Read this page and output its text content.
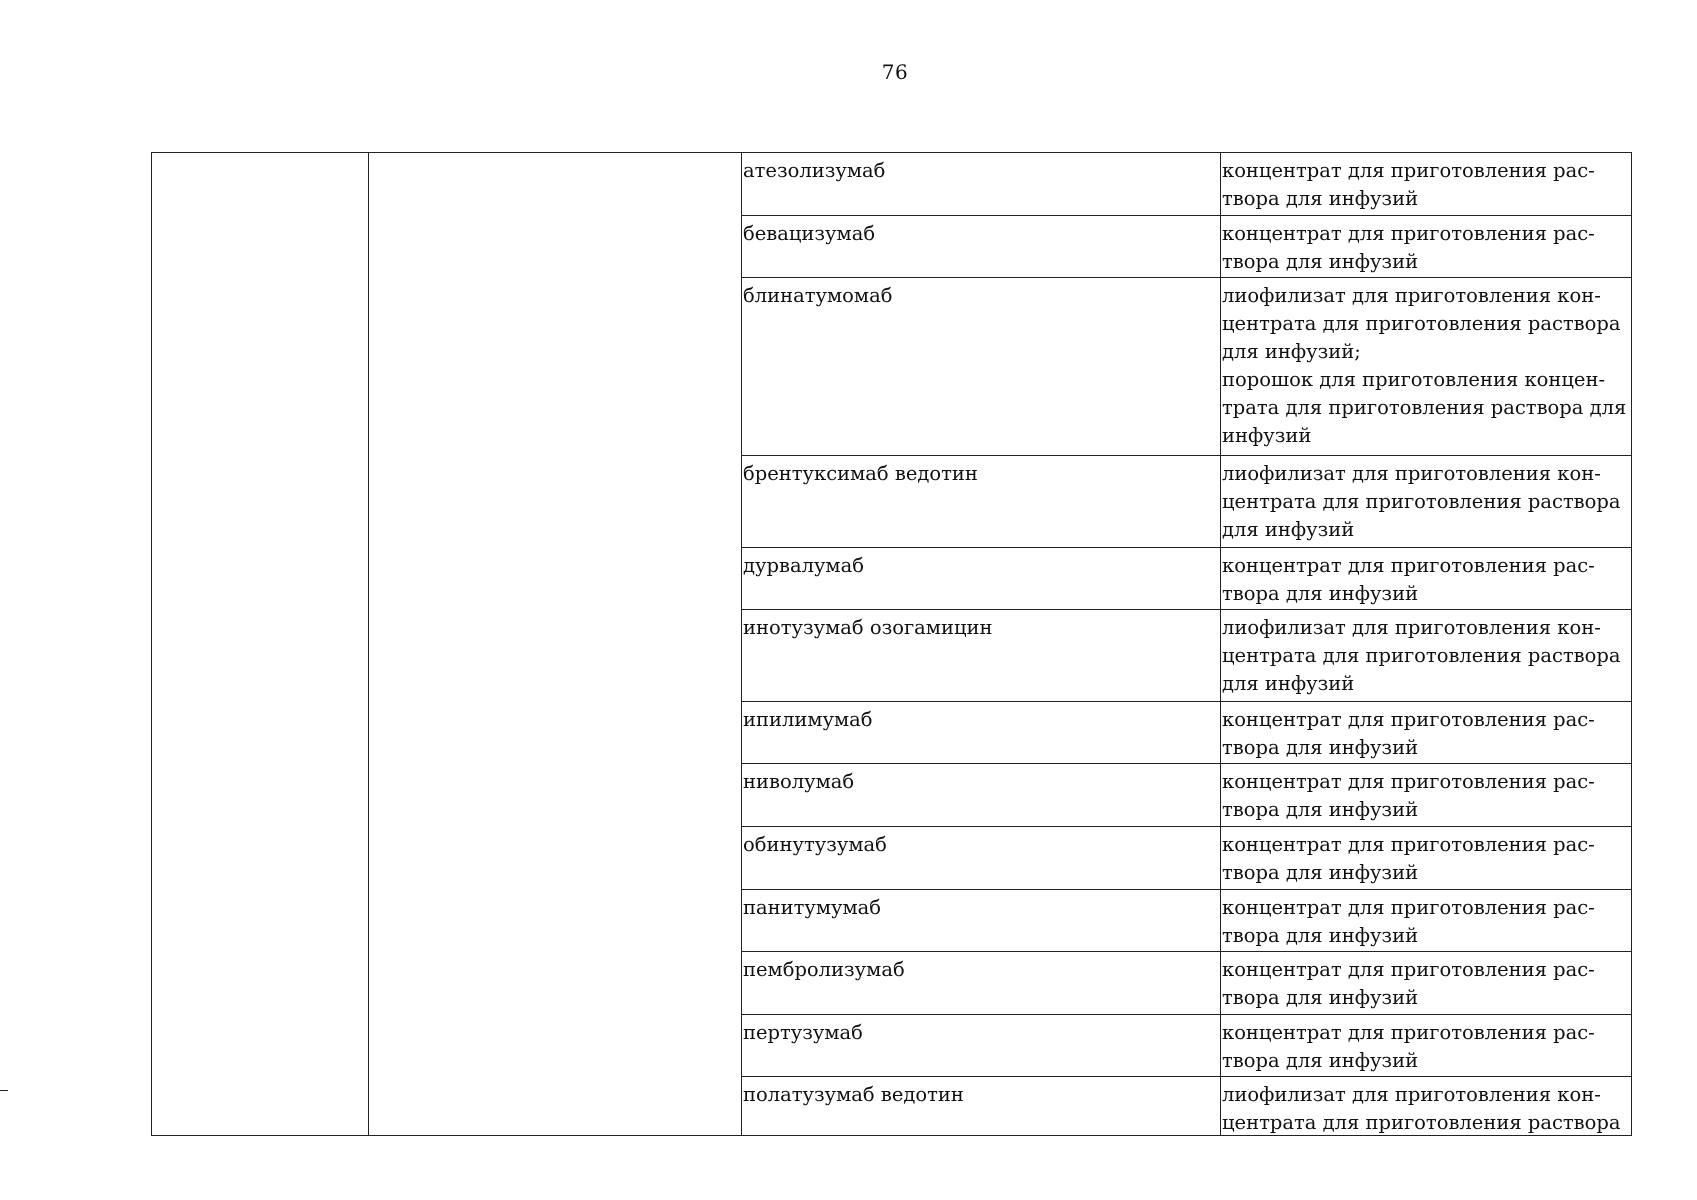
76
атезолизумаб	концентрат для приготовления рас-
твора для инфузий
бевацизумаб	концентрат для приготовления рас-
твора для инфузий
блинатумомаб	лиофилизат для приготовления кон-
центрата для приготовления раствора
для инфузий;
порошок для приготовления концен-
трата для приготовления раствора для
инфузий
брентуксимаб ведотин	лиофилизат для приготовления кон-
центрата для приготовления раствора
для инфузий
дурвалумаб	концентрат для приготовления рас-
твора для инфузий
инотузумаб озогамицин	лиофилизат для приготовления кон-
центрата для приготовления раствора
для инфузий
ипилимумаб	концентрат для приготовления рас-
твора для инфузий
ниволумаб	концентрат для приготовления рас-
твора для инфузий
обинутузумаб	концентрат для приготовления рас-
твора для инфузий
панитумумаб	концентрат для приготовления рас-
твора для инфузий
пембролизумаб	концентрат для приготовления рас-
твора для инфузий
пертузумаб	концентрат для приготовления рас-
твора для инфузий
полатузумаб ведотин	лиофилизат для приготовления кон-
центрата для приготовления раствора
